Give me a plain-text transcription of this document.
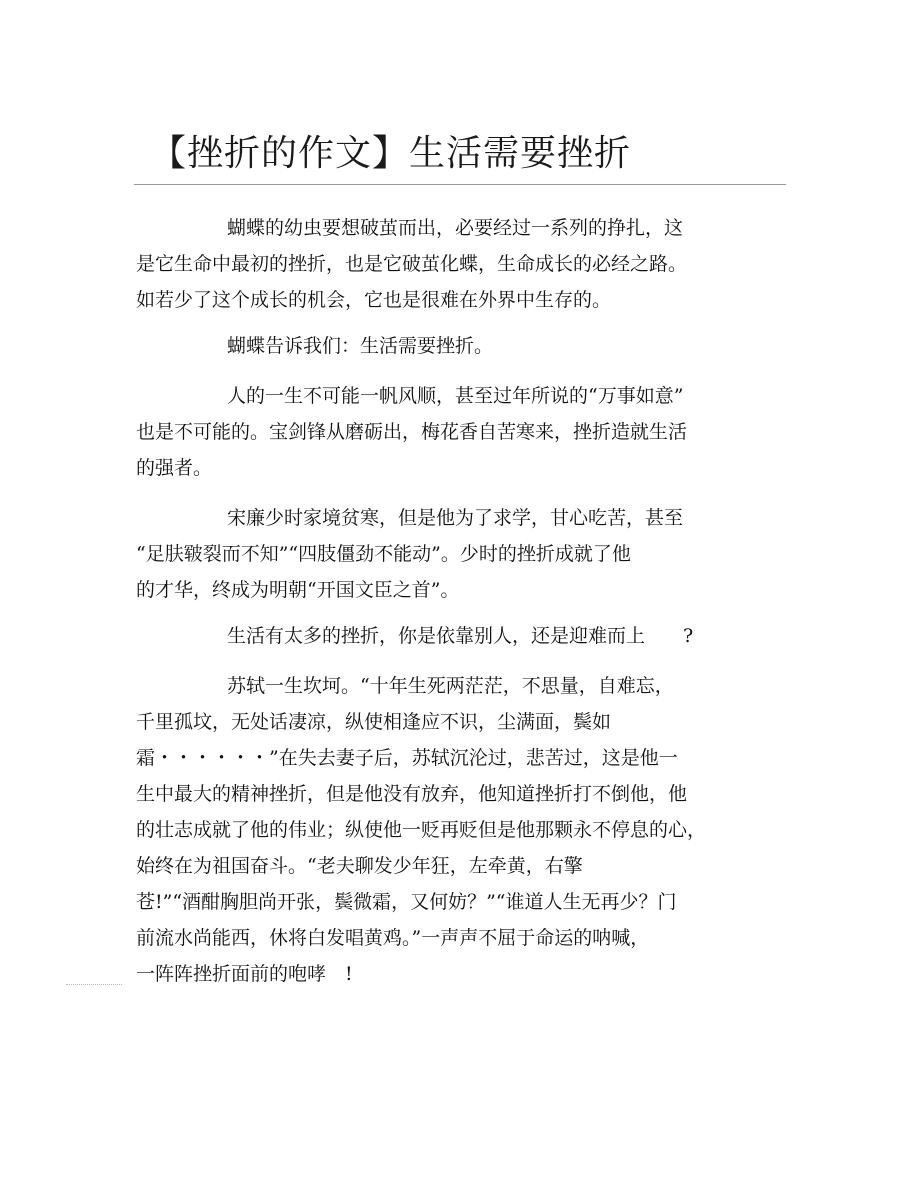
【挫折的作文】生活需要挫折
蝴蝶的幼虫要想破茧而出，必要经过一系列的挣扎，这
是它生命中最初的挫折，也是它破茧化蝶，生命成长的必经之路。
如若少了这个成长的机会，它也是很难在外界中生存的。
蝴蝶告诉我们：生活需要挫折。
人的一生不可能一帆风顺，甚至过年所说的“万事如意”
也是不可能的。宝剑锋从磨砺出，梅花香自苦寒来，挫折造就生活
的强者。
宋廉少时家境贫寒，但是他为了求学，甘心吃苦，甚至
“足肤皲裂而不知”“四肢僵劲不能动”。少时的挫折成就了他
的才华，终成为明朝“开国文臣之首”。
生活有太多的挫折，你是依靠别人，还是迎难而上　　?
苏轼一生坎坷。“十年生死两茫茫，不思量，自难忘，
千里孤坟，无处话凄凉，纵使相逢应不识，尘满面，鬓如
霜・・・・・・”在失去妻子后，苏轼沉沦过，悲苦过，这是他一
生中最大的精神挫折，但是他没有放弃，他知道挫折打不倒他，他
的壮志成就了他的伟业；纵使他一贬再贬但是他那颗永不停息的心，
始终在为祖国奋斗。“老夫聊发少年狂，左牵黄，右擎
苍!”“酒酣胸胆尚开张，鬓微霜，又何妨？”“谁道人生无再少？门
前流水尚能西，休将白发唱黄鸡。”一声声不屈于命运的呐喊，
一阵阵挫折面前的咆哮　!
